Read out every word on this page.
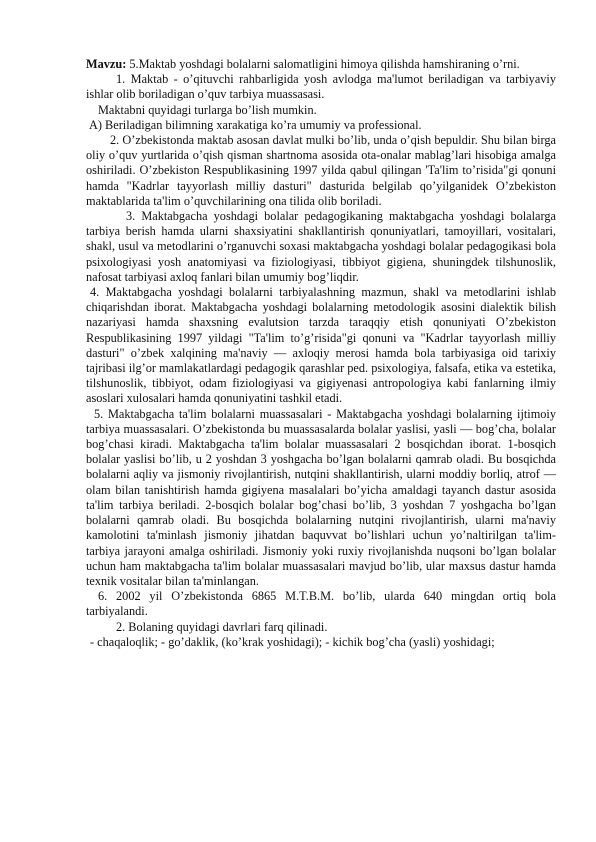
Mavzu: 5.Maktab yoshdagi bolalarni salomatligini himoya qilishda hamshiraning o’rni.

1. Maktab - o’qituvchi rahbarligida yosh avlodga ma'lumot beriladigan va tarbiyaviy ishlar olib boriladigan o’quv tarbiya muassasasi.

Maktabni quyidagi turlarga bo’lish mumkin.

A) Beriladigan bilimning xarakatiga ko’ra umumiy va professional.

2. O’zbekistonda maktab asosan davlat mulki bo’lib, unda o’qish bepuldir. Shu bilan birga oliy o’quv yurtlarida o’qish qisman shartnoma asosida ota-onalar mablag’lari hisobiga amalga oshiriladi. O’zbekiston Respublikasining 1997 yilda qabul qilingan 'Ta'lim to’risida"gi qonuni hamda "Kadrlar tayyorlash milliy dasturi" dasturida belgilab qo’yilganidek O’zbekiston maktablarida ta'lim o’quvchilarining ona tilida olib boriladi.

3. Maktabgacha yoshdagi bolalar pedagogikaning maktabgacha yoshdagi bolalarga tarbiya berish hamda ularni shaxsiyatini shakllantirish qonuniyatlari, tamoyillari, vositalari, shakl, usul va metodlarini o’rganuvchi soxasi maktabgacha yoshdagi bolalar pedagogikasi bola psixologiyasi yosh anatomiyasi va fiziologiyasi, tibbiyot gigiena, shuningdek tilshunoslik, nafosat tarbiyasi axloq fanlari bilan umumiy bog’liqdir.

4. Maktabgacha yoshdagi bolalarni tarbiyalashning mazmun, shakl va metodlarini ishlab chiqarishdan iborat. Maktabgacha yoshdagi bolalarning metodologik asosini dialektik bilish nazariyasi hamda shaxsning evalutsion tarzda taraqqiy etish qonuniyati O’zbekiston Respublikasining 1997 yildagi "Ta'lim to’g’risida"gi qonuni va "Kadrlar tayyorlash milliy dasturi" o’zbek xalqining ma'naviy — axloqiy merosi hamda bola tarbiyasiga oid tarixiy tajribasi ilg’or mamlakatlardagi pedagogik qarashlar ped. psixologiya, falsafa, etika va estetika, tilshunoslik, tibbiyot, odam fiziologiyasi va gigiyenasi antropologiya kabi fanlarning ilmiy asoslari xulosalari hamda qonuniyatini tashkil etadi.

5. Maktabgacha ta'lim bolalarni muassasalari - Maktabgacha yoshdagi bolalarning ijtimoiy tarbiya muassasalari. O’zbekistonda bu muassasalarda bolalar yaslisi, yasli — bog’cha, bolalar bog’chasi kiradi. Maktabgacha ta'lim bolalar muassasalari 2 bosqichdan iborat. 1-bosqich bolalar yaslisi bo’lib, u 2 yoshdan 3 yoshgacha bo’lgan bolalarni qamrab oladi. Bu bosqichda bolalarni aqliy va jismoniy rivojlantirish, nutqini shakllantirish, ularni moddiy borliq, atrof — olam bilan tanishtirish hamda gigiyena masalalari bo’yicha amaldagi tayanch dastur asosida ta'lim tarbiya beriladi. 2-bosqich bolalar bog’chasi bo’lib, 3 yoshdan 7 yoshgacha bo’lgan bolalarni qamrab oladi. Bu bosqichda bolalarning nutqini rivojlantirish, ularni ma'naviy kamolotini ta'minlash jismoniy jihatdan baquvvat bo’lishlari uchun yo’naltirilgan ta'lim- tarbiya jarayoni amalga oshiriladi. Jismoniy yoki ruxiy rivojlanishda nuqsoni bo’lgan bolalar uchun ham maktabgacha ta'lim bolalar muassasalari mavjud bo’lib, ular maxsus dastur hamda texnik vositalar bilan ta'minlangan.

6. 2002 yil O’zbekistonda 6865 M.T.B.M. bo’lib, ularda 640 mingdan ortiq bola tarbiyalandi.

2. Bolaning quyidagi davrlari farq qilinadi.

- chaqaloqlik; - go’daklik, (ko’krak yoshidagi); - kichik bog’cha (yasli) yoshidagi;
